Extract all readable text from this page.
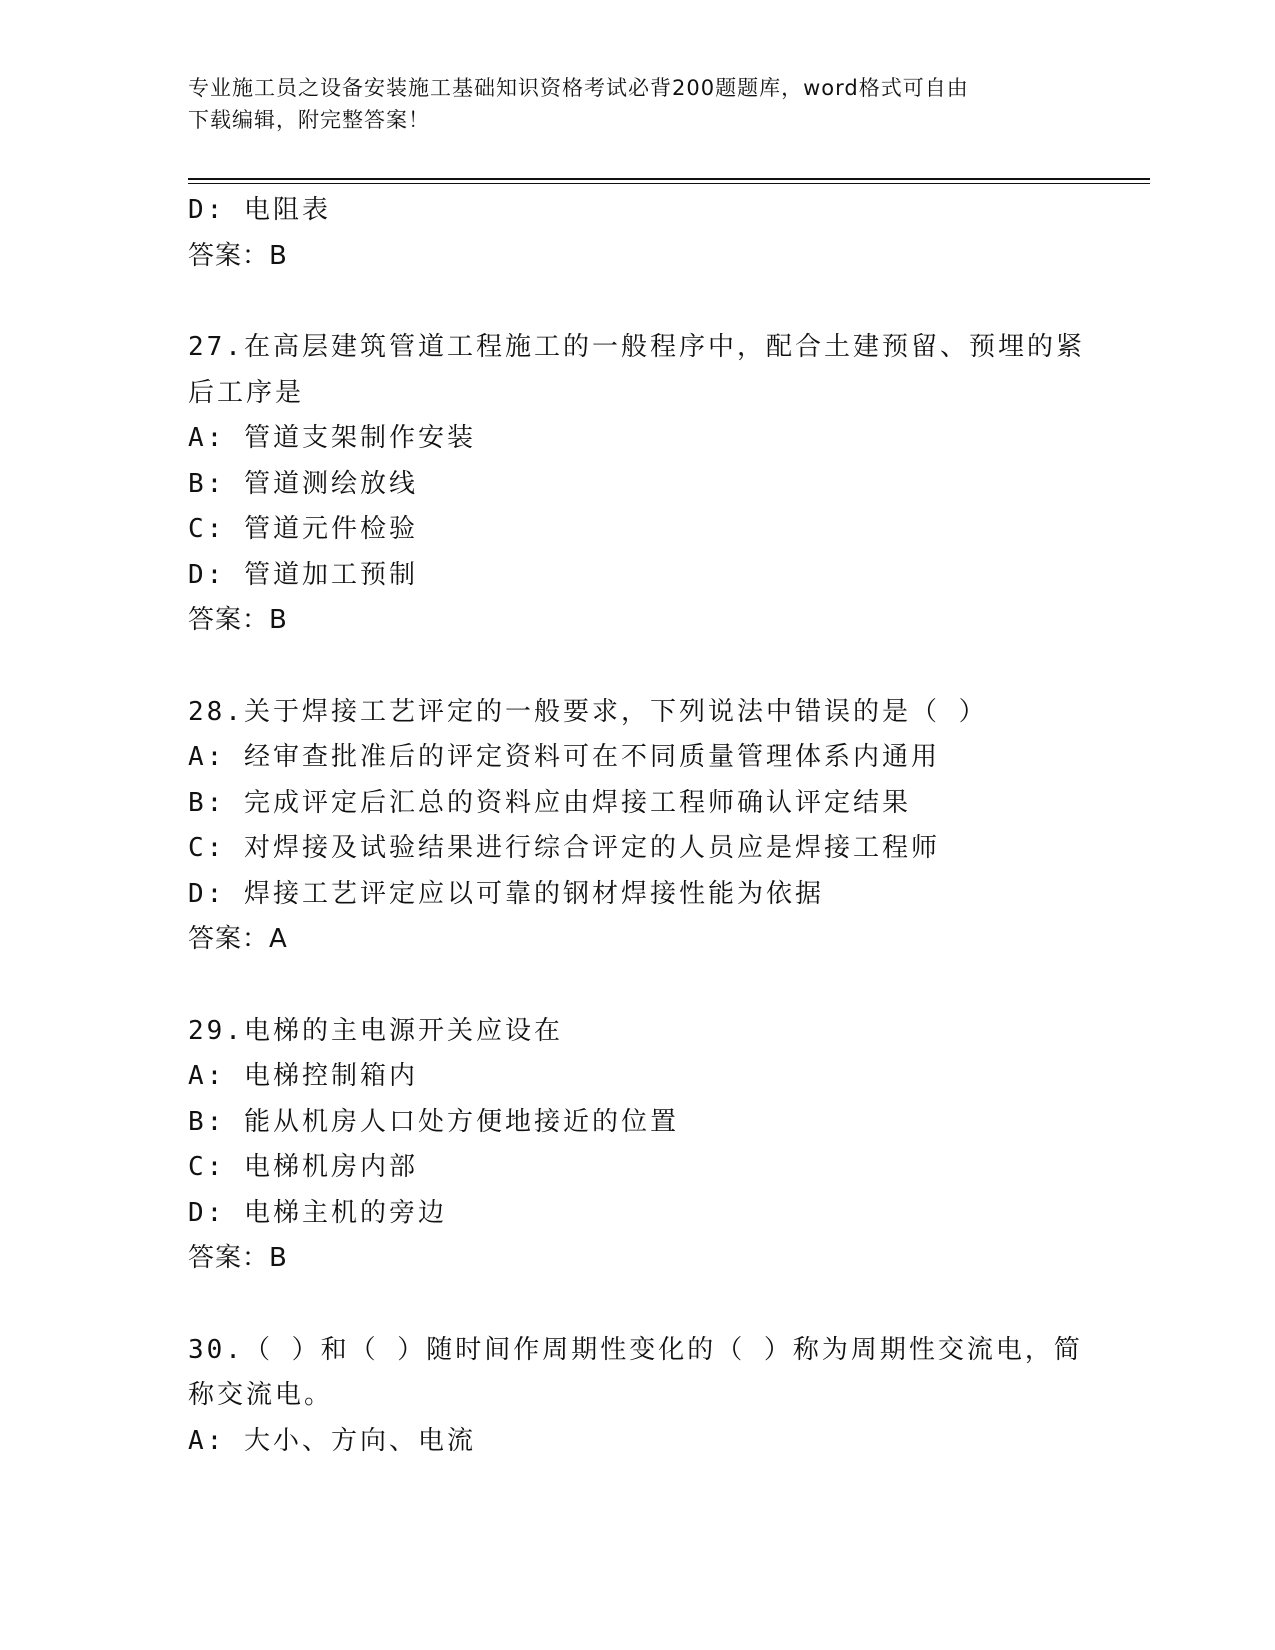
专业施工员之设备安装施工基础知识资格考试必背200题题库，word格式可自由
下载编辑，附完整答案！
D: 电阻表
答案：B
27.在高层建筑管道工程施工的一般程序中，配合土建预留、预埋的紧
后工序是
A: 管道支架制作安装
B: 管道测绘放线
C: 管道元件检验
D: 管道加工预制
答案：B
28.关于焊接工艺评定的一般要求，下列说法中错误的是（ ）
A: 经审查批准后的评定资料可在不同质量管理体系内通用
B: 完成评定后汇总的资料应由焊接工程师确认评定结果
C: 对焊接及试验结果进行综合评定的人员应是焊接工程师
D: 焊接工艺评定应以可靠的钢材焊接性能为依据
答案：A
29.电梯的主电源开关应设在
A: 电梯控制箱内
B: 能从机房人口处方便地接近的位置
C: 电梯机房内部
D: 电梯主机的旁边
答案：B
30.（ ）和（ ）随时间作周期性变化的（ ）称为周期性交流电，简
称交流电。
A: 大小、方向、电流
